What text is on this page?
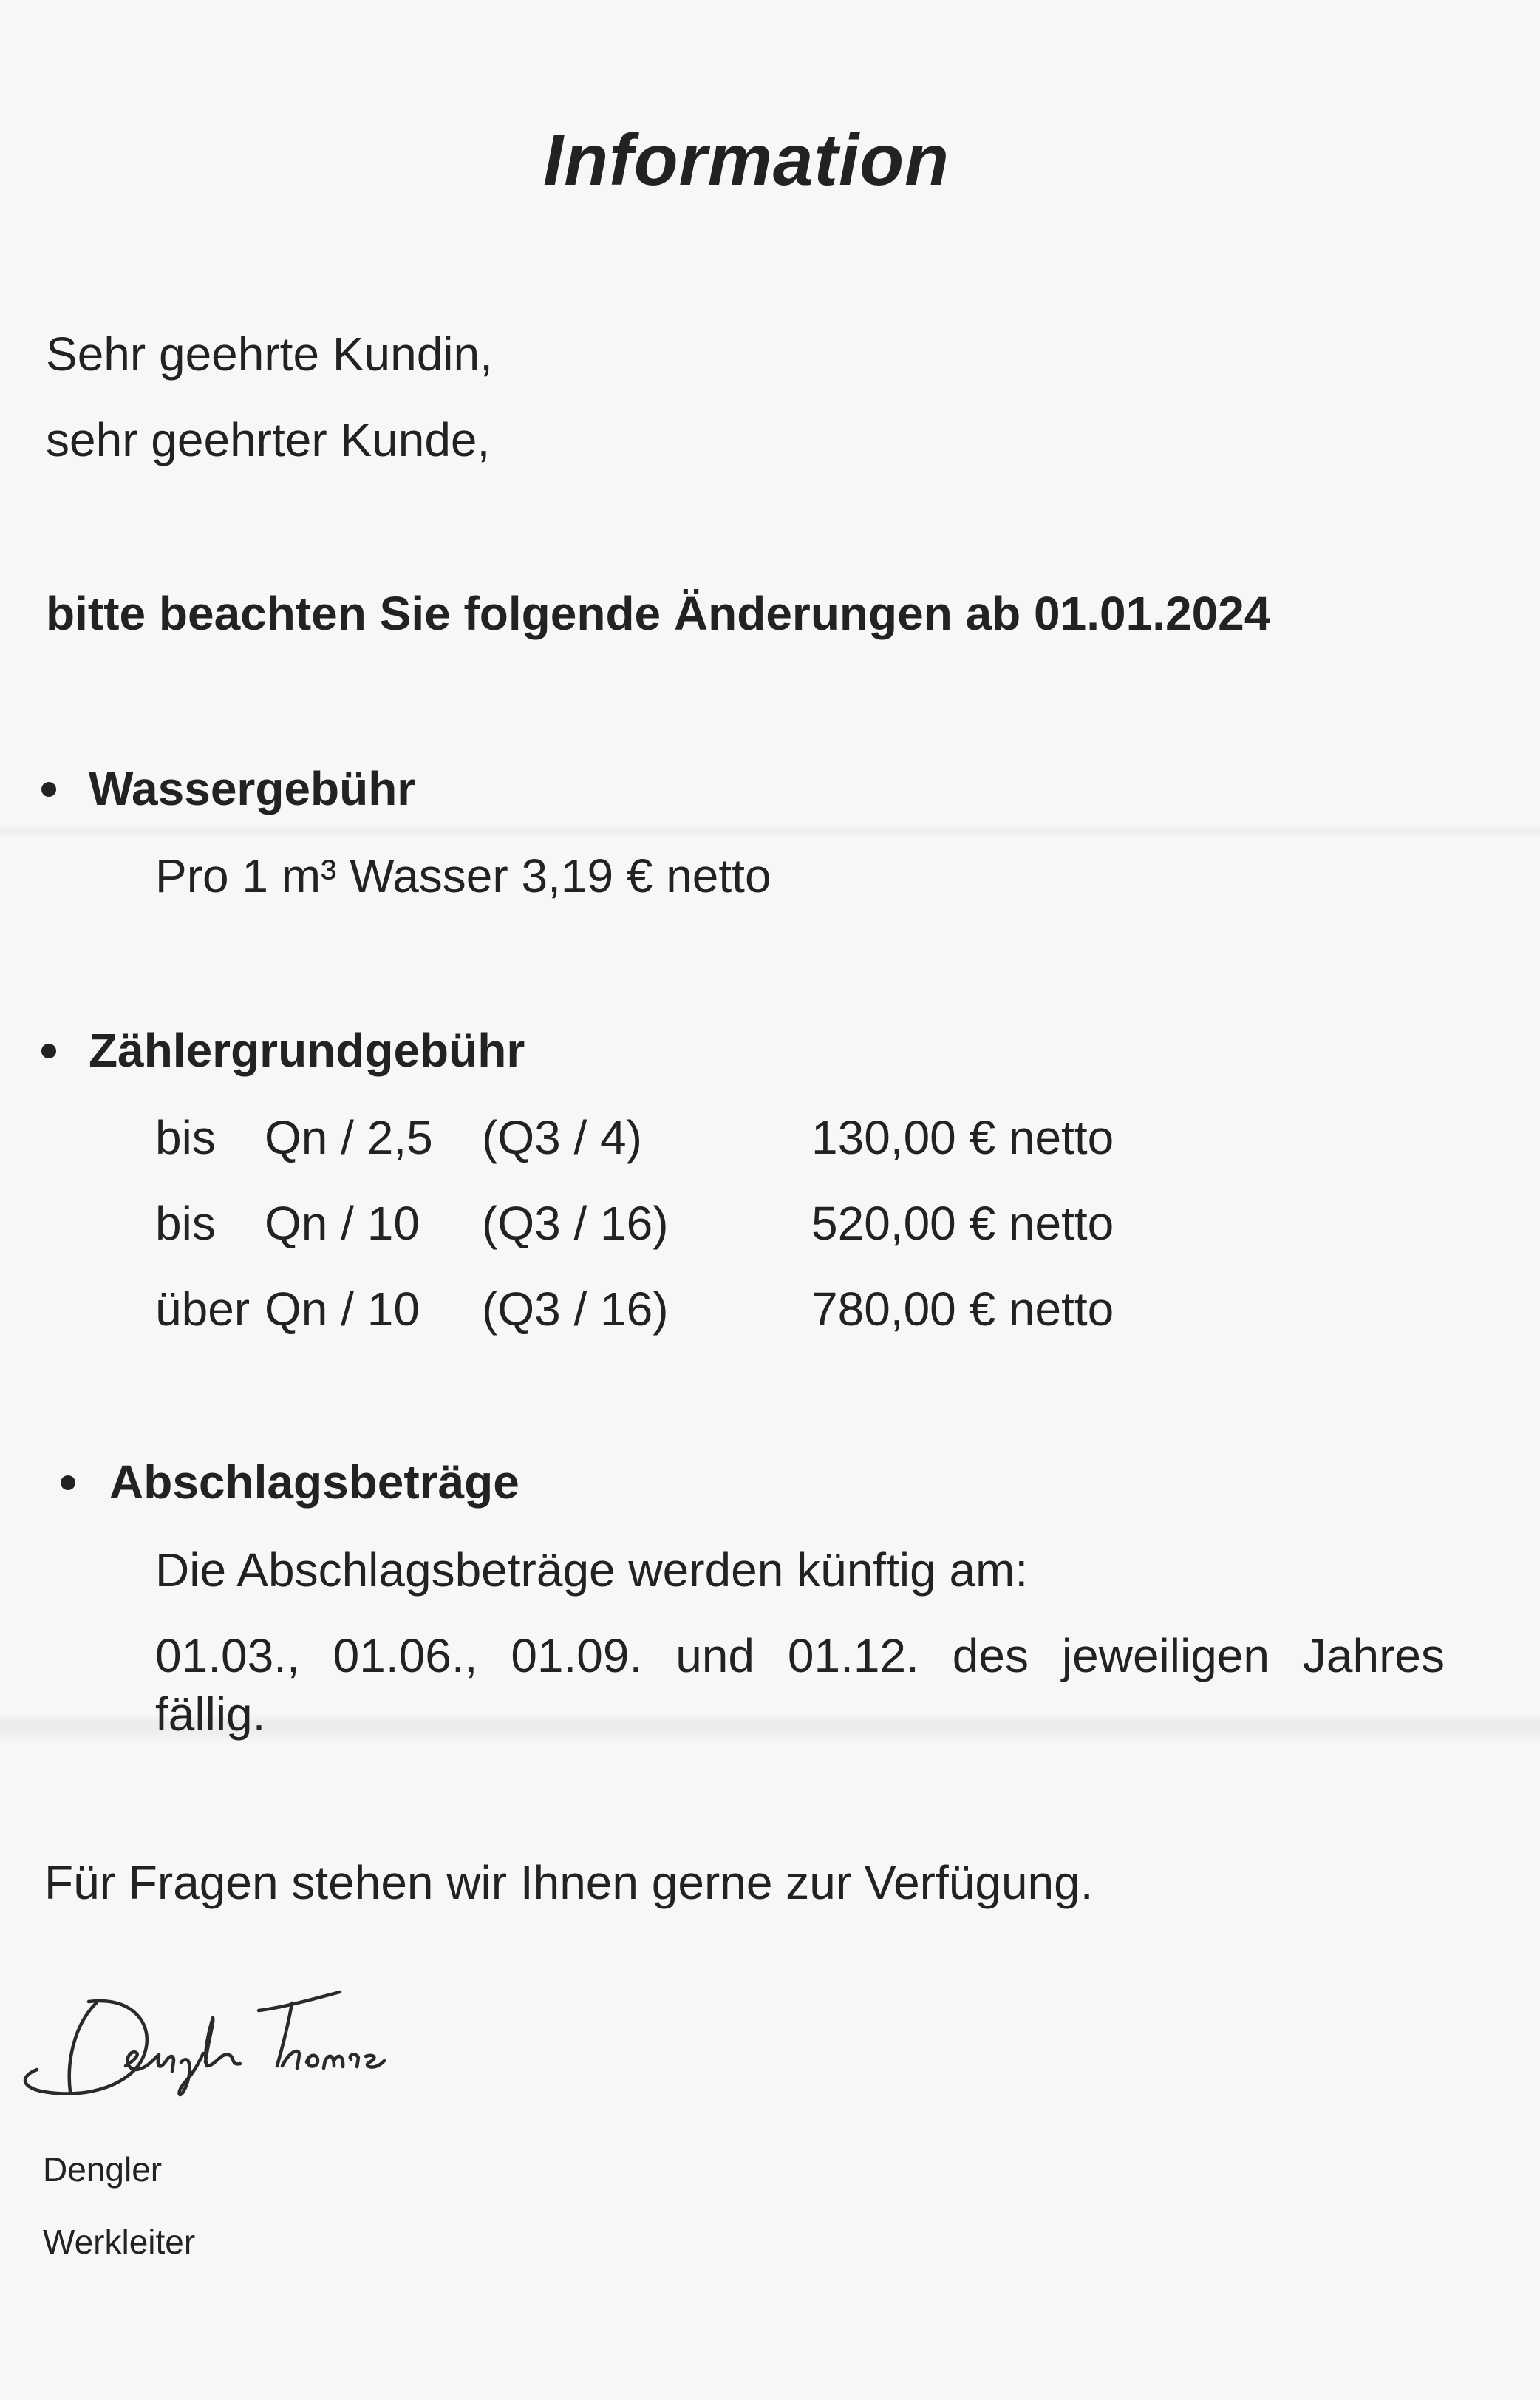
Information
Sehr geehrte Kundin,
sehr geehrter Kunde,
bitte beachten Sie folgende Änderungen ab 01.01.2024
Wassergebühr
Pro 1 m³ Wasser 3,19 € netto
Zählergrundgebühr
bis Qn / 2,5 (Q3 / 4)	130,00 € netto
bis Qn / 10 (Q3 / 16)	520,00 € netto
über Qn / 10 (Q3 / 16)	780,00 € netto
Abschlagsbeträge
Die Abschlagsbeträge werden künftig am:
01.03., 01.06., 01.09. und 01.12. des jeweiligen Jahres
fällig.
Für Fragen stehen wir Ihnen gerne zur Verfügung.
Dengler
Werkleiter
